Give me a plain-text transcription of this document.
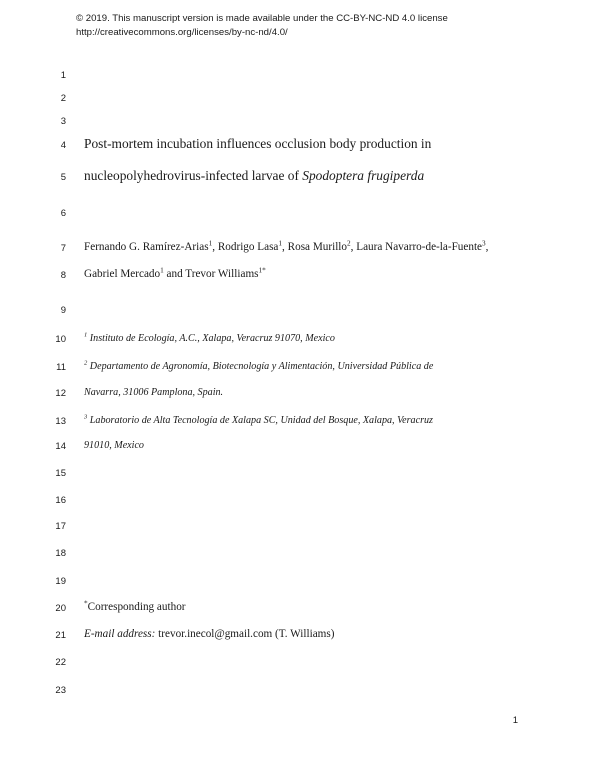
© 2019. This manuscript version is made available under the CC-BY-NC-ND 4.0 license
http://creativecommons.org/licenses/by-nc-nd/4.0/
1
2
3
4
5
6
7
8
9
10
11
12
13
14
15
16
17
18
19
20
21
22
23
Post-mortem incubation influences occlusion body production in
nucleopolyhedrovirus-infected larvae of Spodoptera frugiperda
Fernando G. Ramírez-Arias$^1$, Rodrigo Lasa$^1$, Rosa Murillo$^2$, Laura Navarro-de-la-Fuente$^3$,
Gabriel Mercado$^1$ and Trevor Williams$^{1*}$
$^1$ Instituto de Ecología, A.C., Xalapa, Veracruz 91070, Mexico
$^2$ Departamento de Agronomía, Biotecnología y Alimentación, Universidad Pública de
Navarra, 31006 Pamplona, Spain.
$^3$ Laboratorio de Alta Tecnología de Xalapa SC, Unidad del Bosque, Xalapa, Veracruz
91010, Mexico
*Corresponding author
E-mail address: trevor.inecol@gmail.com (T. Williams)
1
